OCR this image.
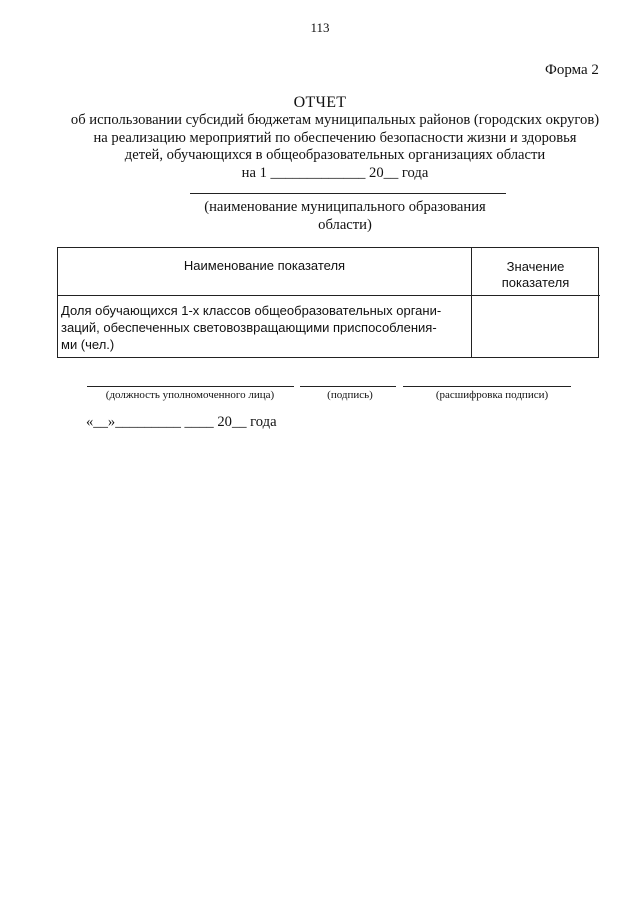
113
Форма 2
ОТЧЕТ
об использовании субсидий бюджетам муниципальных районов (городских округов)
на реализацию мероприятий по обеспечению безопасности жизни и здоровья
детей, обучающихся в общеобразовательных организациях области
на 1 _____________ 20__ года
(наименование муниципального образования
области)
Наименование показателя	Значение
показателя
Доля обучающихся 1-х классов общеобразовательных органи-
заций, обеспеченных световозвращающими приспособления-
ми (чел.)
(должность уполномоченного лица)	(подпись)	(расшифровка подписи)
«__»_________ ____ 20__ года
